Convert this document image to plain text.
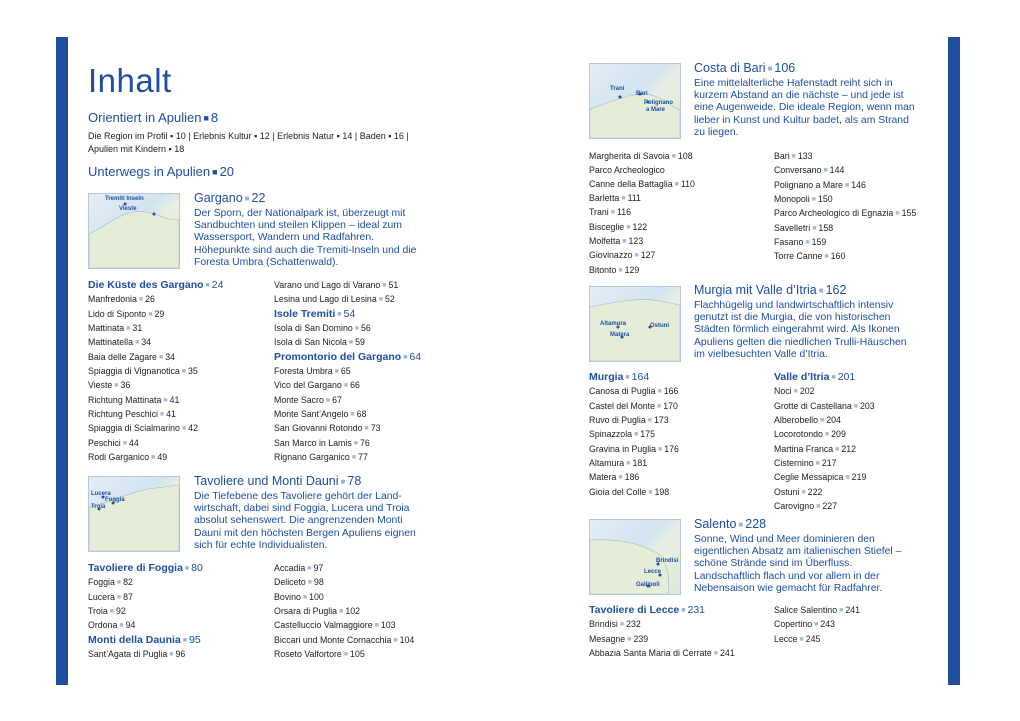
Inhalt
Orientiert in Apulien ■ 8
Die Region im Profil ▪ 10 | Erlebnis Kultur ▪ 12 | Erlebnis Natur ▪ 14 | Baden ▪ 16 |
Apulien mit Kindern ▪ 18
Unterwegs in Apulien ■ 20
Tremiti Inseln
Vieste
Gargano ■ 22
Der Sporn, der Nationalpark ist, überzeugt mit Sandbuchten und steilen Klippen – ideal zum Wassersport, Wandern und Radfahren. Höhepunkte sind auch die Tremiti-Inseln und die Foresta Umbra (Schattenwald).
Die Küste des Gargano ■ 24
Manfredonia ■ 26
Lido di Siponto ■ 29
Mattinata ■ 31
Mattinatella ■ 34
Baia delle Zagare ■ 34
Spiaggia di Vignanotica ■ 35
Vieste ■ 36
Richtung Mattinata ■ 41
Richtung Peschici ■ 41
Spiaggia di Scialmarino ■ 42
Peschici ■ 44
Rodi Garganico ■ 49
Varano und Lago di Varano ■ 51
Lesina und Lago di Lesina ■ 52
Isole Tremiti ■ 54
Isola di San Domino ■ 56
Isola di San Nicola ■ 59
Promontorio del Gargano ■ 64
Foresta Umbra ■ 65
Vico del Gargano ■ 66
Monte Sacro ■ 67
Monte Sant’Angelo ■ 68
San Giovanni Rotondo ■ 73
San Marco in Lamis ■ 76
Rignano Garganico ■ 77
Lucera
Foggia
Troia
Tavoliere und Monti Dauni ■ 78
Die Tiefebene des Tavoliere gehört der Landwirtschaft, dabei sind Foggia, Lucera und Troia absolut sehenswert. Die angrenzenden Monti Dauni mit den höchsten Bergen Apuliens eignen sich für echte Individualisten.
Tavoliere di Foggia ■ 80
Foggia ■ 82
Lucera ■ 87
Troia ■ 92
Ordona ■ 94
Monti della Daunia ■ 95
Sant’Agata di Puglia ■ 96
Accadia ■ 97
Deliceto ■ 98
Bovino ■ 100
Orsara di Puglia ■ 102
Castelluccio Valmaggiore ■ 103
Biccari und Monte Cornacchia ■ 104
Roseto Valfortore ■ 105
Trani
Bari
Polignano
a Mare
Costa di Bari ■ 106
Eine mittelalterliche Hafenstadt reiht sich in kurzem Abstand an die nächste – und jede ist eine Augenweide. Die ideale Region, wenn man lieber in Kunst und Kultur badet, als am Strand zu liegen.
Margherita di Savoia ■ 108
Parco Archeologico
Canne della Battaglia ■ 110
Barletta ■ 111
Trani ■ 116
Bisceglie ■ 122
Molfetta ■ 123
Giovinazzo ■ 127
Bitonto ■ 129
Bari ■ 133
Conversano ■ 144
Polignano a Mare ■ 146
Monopoli ■ 150
Parco Archeologico di Egnazia ■ 155
Savelletri ■ 158
Fasano ■ 159
Torre Canne ■ 160
Altamura	Ostuni
Matera
Murgia mit Valle d’Itria ■ 162
Flachhügelig und landwirtschaftlich intensiv genutzt ist die Murgia, die von historischen Städten förmlich eingerahmt wird. Als Ikonen Apuliens gelten die niedlichen Trulli-Häuschen im vielbesuchten Valle d’Itria.
Murgia ■ 164
Canosa di Puglia ■ 166
Castel del Monte ■ 170
Ruvo di Puglia ■ 173
Spinazzola ■ 175
Gravina in Puglia ■ 176
Altamura ■ 181
Matera ■ 186
Gioia del Colle ■ 198
Valle d’Itria ■ 201
Noci ■ 202
Grotte di Castellana ■ 203
Alberobello ■ 204
Locorotondo ■ 209
Martina Franca ■ 212
Cisternino ■ 217
Ceglie Messapica ■ 219
Ostuni ■ 222
Carovigno ■ 227
Brindisi
Lecce
Gallipoli
Salento ■ 228
Sonne, Wind und Meer dominieren den eigentlichen Absatz am italienischen Stiefel – schöne Strände sind im Überfluss. Landschaftlich flach und vor allem in der Nebensaison wie gemacht für Radfahrer.
Tavoliere di Lecce ■ 231
Brindisi ■ 232
Mesagne ■ 239
Abbazia Santa Maria di Cerrate ■ 241
Salice Salentino ■ 241
Copertino ■ 243
Lecce ■ 245
